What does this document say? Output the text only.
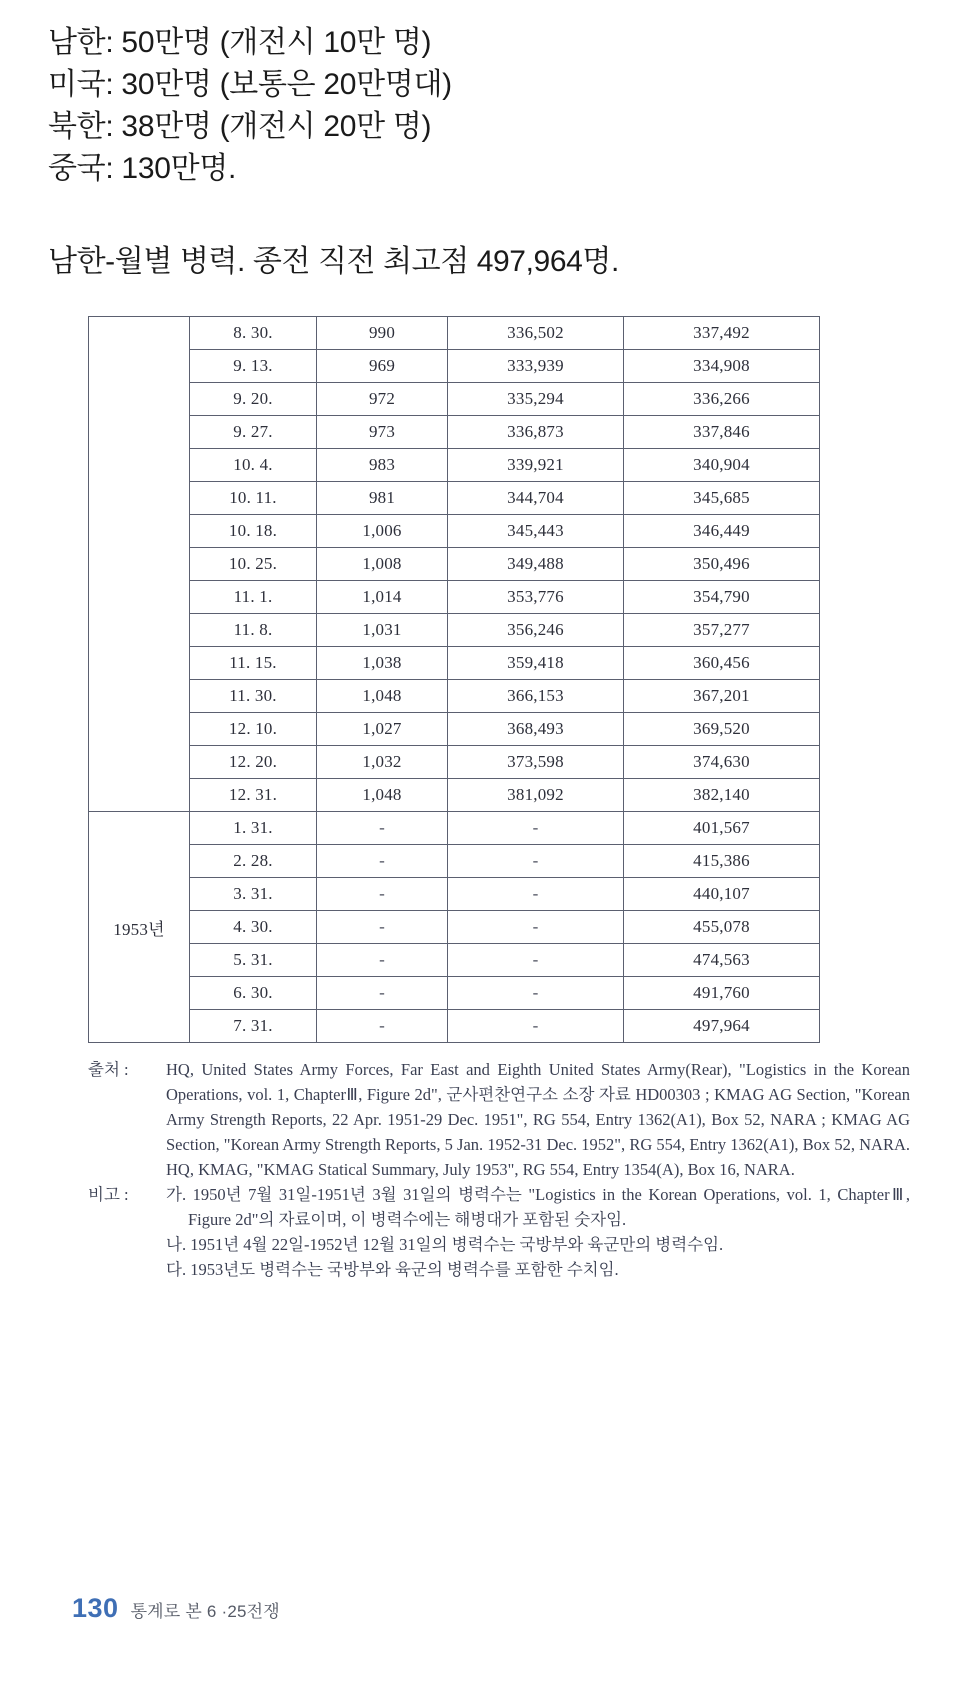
남한: 50만명 (개전시 10만 명)
미국: 30만명 (보통은 20만명대)
북한: 38만명 (개전시 20만 명)
중국: 130만명.
남한-월별 병력. 종전 직전 최고점 497,964명.
	8. 30.	990	336,502	337,492
	9. 13.	969	333,939	334,908
	9. 20.	972	335,294	336,266
	9. 27.	973	336,873	337,846
	10. 4.	983	339,921	340,904
	10. 11.	981	344,704	345,685
	10. 18.	1,006	345,443	346,449
	10. 25.	1,008	349,488	350,496
	11. 1.	1,014	353,776	354,790
	11. 8.	1,031	356,246	357,277
	11. 15.	1,038	359,418	360,456
	11. 30.	1,048	366,153	367,201
	12. 10.	1,027	368,493	369,520
	12. 20.	1,032	373,598	374,630
	12. 31.	1,048	381,092	382,140
1953년	1. 31.	-	-	401,567
	2. 28.	-	-	415,386
	3. 31.	-	-	440,107
	4. 30.	-	-	455,078
	5. 31.	-	-	474,563
	6. 30.	-	-	491,760
	7. 31.	-	-	497,964
출처 :	HQ, United States Army Forces, Far East and Eighth United States Army(Rear), "Logistics in the Korean Operations, vol. 1, ChapterⅢ, Figure 2d", 군사편찬연구소 소장 자료 HD00303 ; KMAG AG Section, "Korean Army Strength Reports, 22 Apr. 1951-29 Dec. 1951", RG 554, Entry 1362(A1), Box 52, NARA ; KMAG AG Section, "Korean Army Strength Reports, 5 Jan. 1952-31 Dec. 1952", RG 554, Entry 1362(A1), Box 52, NARA. HQ, KMAG, "KMAG Statical Summary, July 1953", RG 554, Entry 1354(A), Box 16, NARA.
비고 :	가. 1950년 7월 31일-1951년 3월 31일의 병력수는 "Logistics in the Korean Operations, vol. 1, ChapterⅢ, Figure 2d"의 자료이며, 이 병력수에는 해병대가 포함된 숫자임.

나. 1951년 4월 22일-1952년 12월 31일의 병력수는 국방부와 육군만의 병력수임.

다. 1953년도 병력수는 국방부와 육군의 병력수를 포함한 수치임.

130 통계로 본 6 ·25전쟁
